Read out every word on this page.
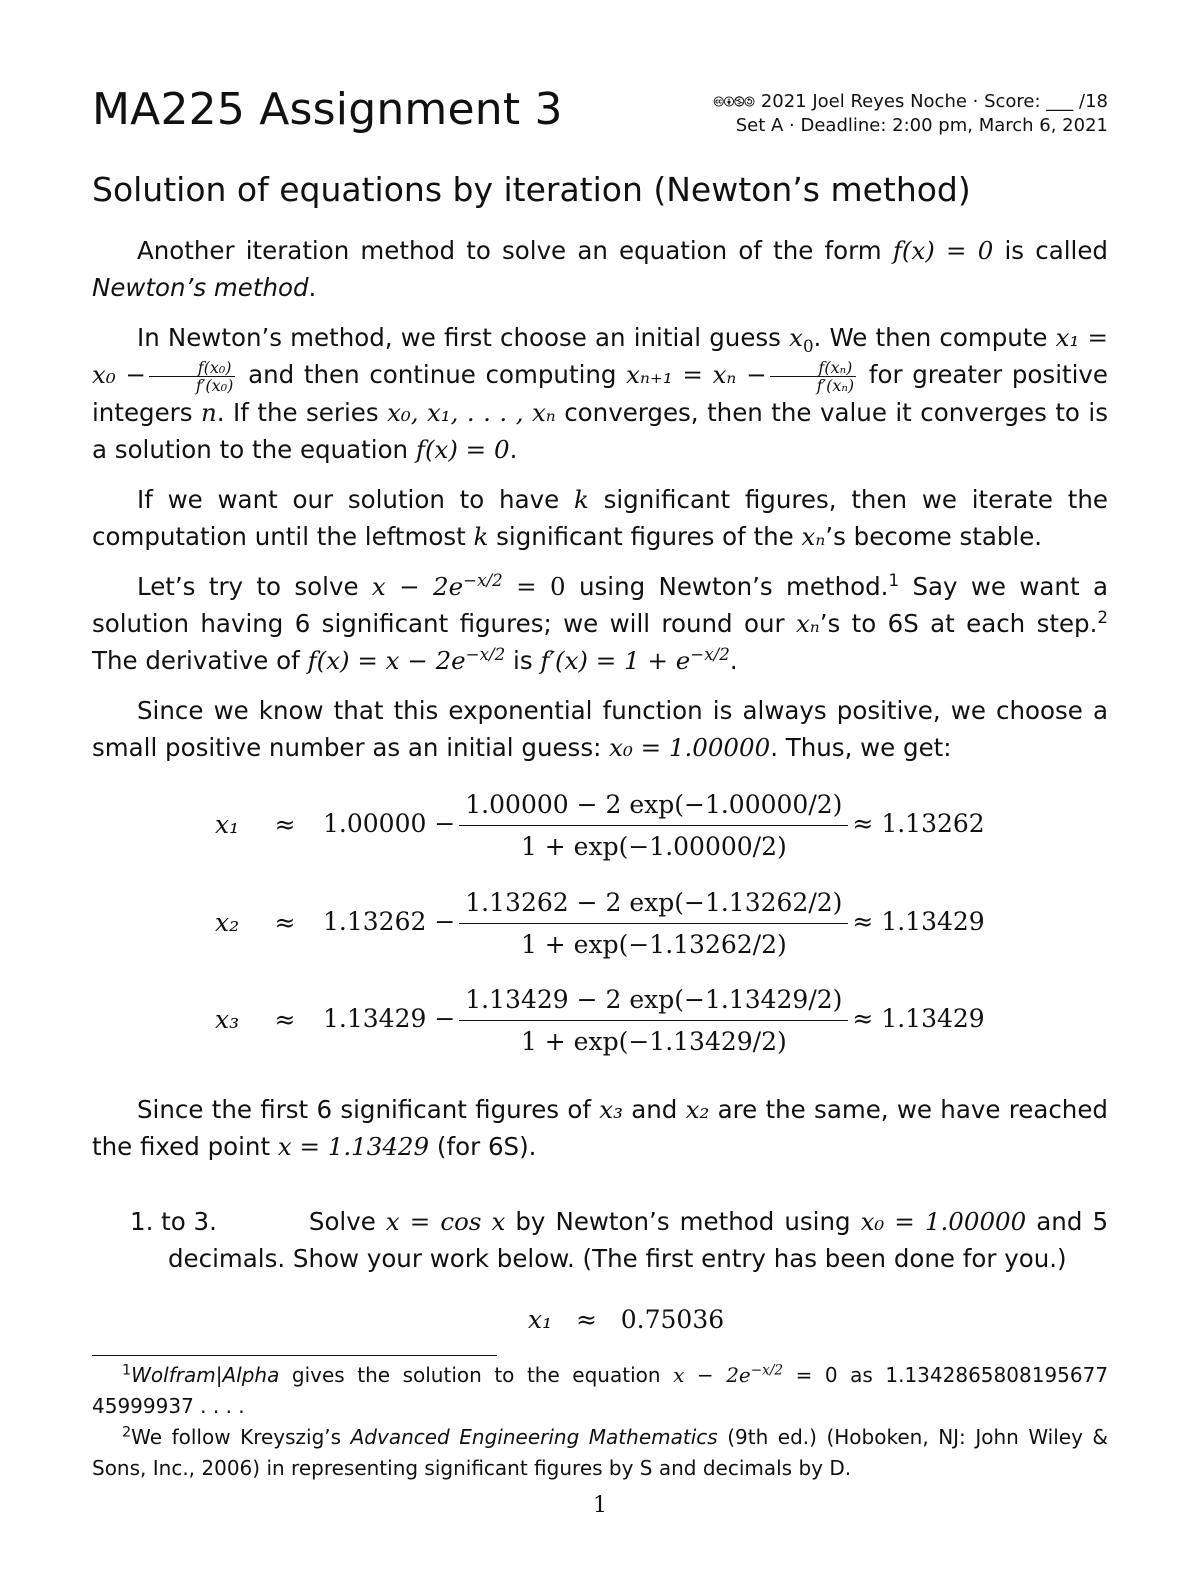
MA225 Assignment 3	🅭🅯🄏🄎 2021 Joel Reyes Noche · Score: ___ /18
Set A · Deadline: 2:00 pm, March 6, 2021
Solution of equations by iteration (Newton’s method)

Another iteration method to solve an equation of the form f(x) = 0 is called Newton’s method.

In Newton’s method, we first choose an initial guess $x_0$. We then compute $x_1 = x_0 - \frac{\text{f(x₀)}}{\text{f′(x₀)}}$ and then continue computing $x_{n+1} = x_n - \frac{\text{f(xₙ)}}{\text{f′(xₙ)}}$ for greater positive integers n. If the series x₀, x₁, . . . , xₙ converges, then the value it converges to is a solution to the equation f(x) = 0.

If we want our solution to have k significant figures, then we iterate the computation until the leftmost k significant figures of the xₙ’s become stable.

Let’s try to solve $x - 2e^{-x/2} = 0$ using Newton’s method.$^1$ Say we want a solution having 6 significant figures; we will round our xₙ’s to 6S at each step.$^2$ The derivative of $f(x) = x - 2e^{-x/2}$ is $f'(x) = 1 + e^{-x/2}$.

Since we know that this exponential function is always positive, we choose a small positive number as an initial guess: x₀ = 1.00000. Thus, we get:

x₁	≈ $1.00000 - \frac{1.00000 - 2 \exp(-1.00000/2)}{1 + \exp(-1.00000/2)} \approx 1.13262$
x₂	≈ $1.13262 - \frac{1.13262 - 2 \exp(-1.13262/2)}{1 + \exp(-1.13262/2)} \approx 1.13429$
x₃	≈ $1.13429 - \frac{1.13429 - 2 \exp(-1.13429/2)}{1 + \exp(-1.13429/2)} \approx 1.13429$

Since the first 6 significant figures of x₃ and x₂ are the same, we have reached the fixed point x = 1.13429 (for 6S).

1. to 3.	Solve x = cos x by Newton’s method using x₀ = 1.00000 and 5 decimals. Show your work below. (The first entry has been done for you.)
x₁ ≈ 0.75036

$^1$Wolfram|Alpha gives the solution to the equation $x - 2e^{-x/2} = 0$ as 1.1342865808195677 45999937 . . . .

$^2$We follow Kreyszig’s Advanced Engineering Mathematics (9th ed.) (Hoboken, NJ: John Wiley & Sons, Inc., 2006) in representing significant figures by S and decimals by D.

1
